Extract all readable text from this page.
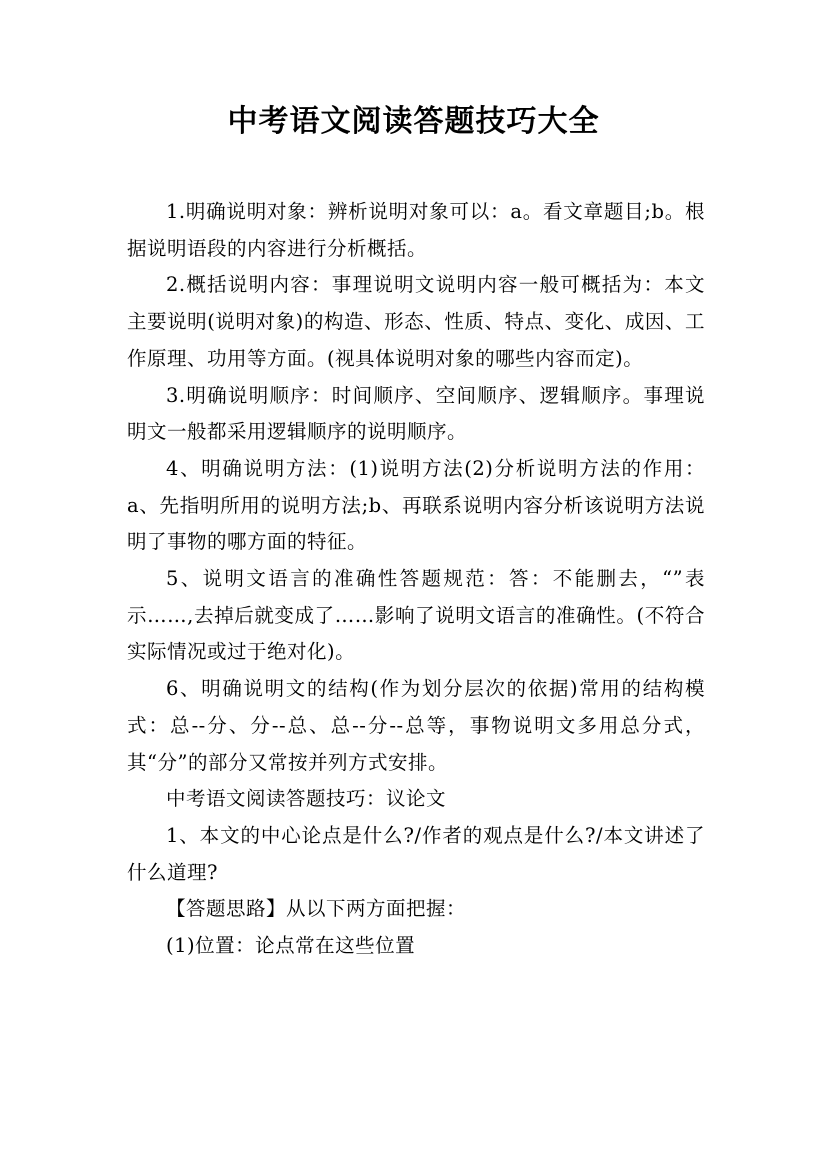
中考语文阅读答题技巧大全

1.明确说明对象：辨析说明对象可以：a。看文章题目;b。根据说明语段的内容进行分析概括。

2.概括说明内容：事理说明文说明内容一般可概括为：本文主要说明(说明对象)的构造、形态、性质、特点、变化、成因、工作原理、功用等方面。(视具体说明对象的哪些内容而定)。

3.明确说明顺序：时间顺序、空间顺序、逻辑顺序。事理说明文一般都采用逻辑顺序的说明顺序。

4、明确说明方法：(1)说明方法(2)分析说明方法的作用：a、先指明所用的说明方法;b、再联系说明内容分析该说明方法说明了事物的哪方面的特征。

5、说明文语言的准确性答题规范：答：不能删去，“”表示……,去掉后就变成了……影响了说明文语言的准确性。(不符合实际情况或过于绝对化)。

6、明确说明文的结构(作为划分层次的依据)常用的结构模式：总--分、分--总、总--分--总等，事物说明文多用总分式，其“分”的部分又常按并列方式安排。

中考语文阅读答题技巧：议论文

1、本文的中心论点是什么?/作者的观点是什么?/本文讲述了什么道理?

【答题思路】从以下两方面把握：

(1)位置：论点常在这些位置
